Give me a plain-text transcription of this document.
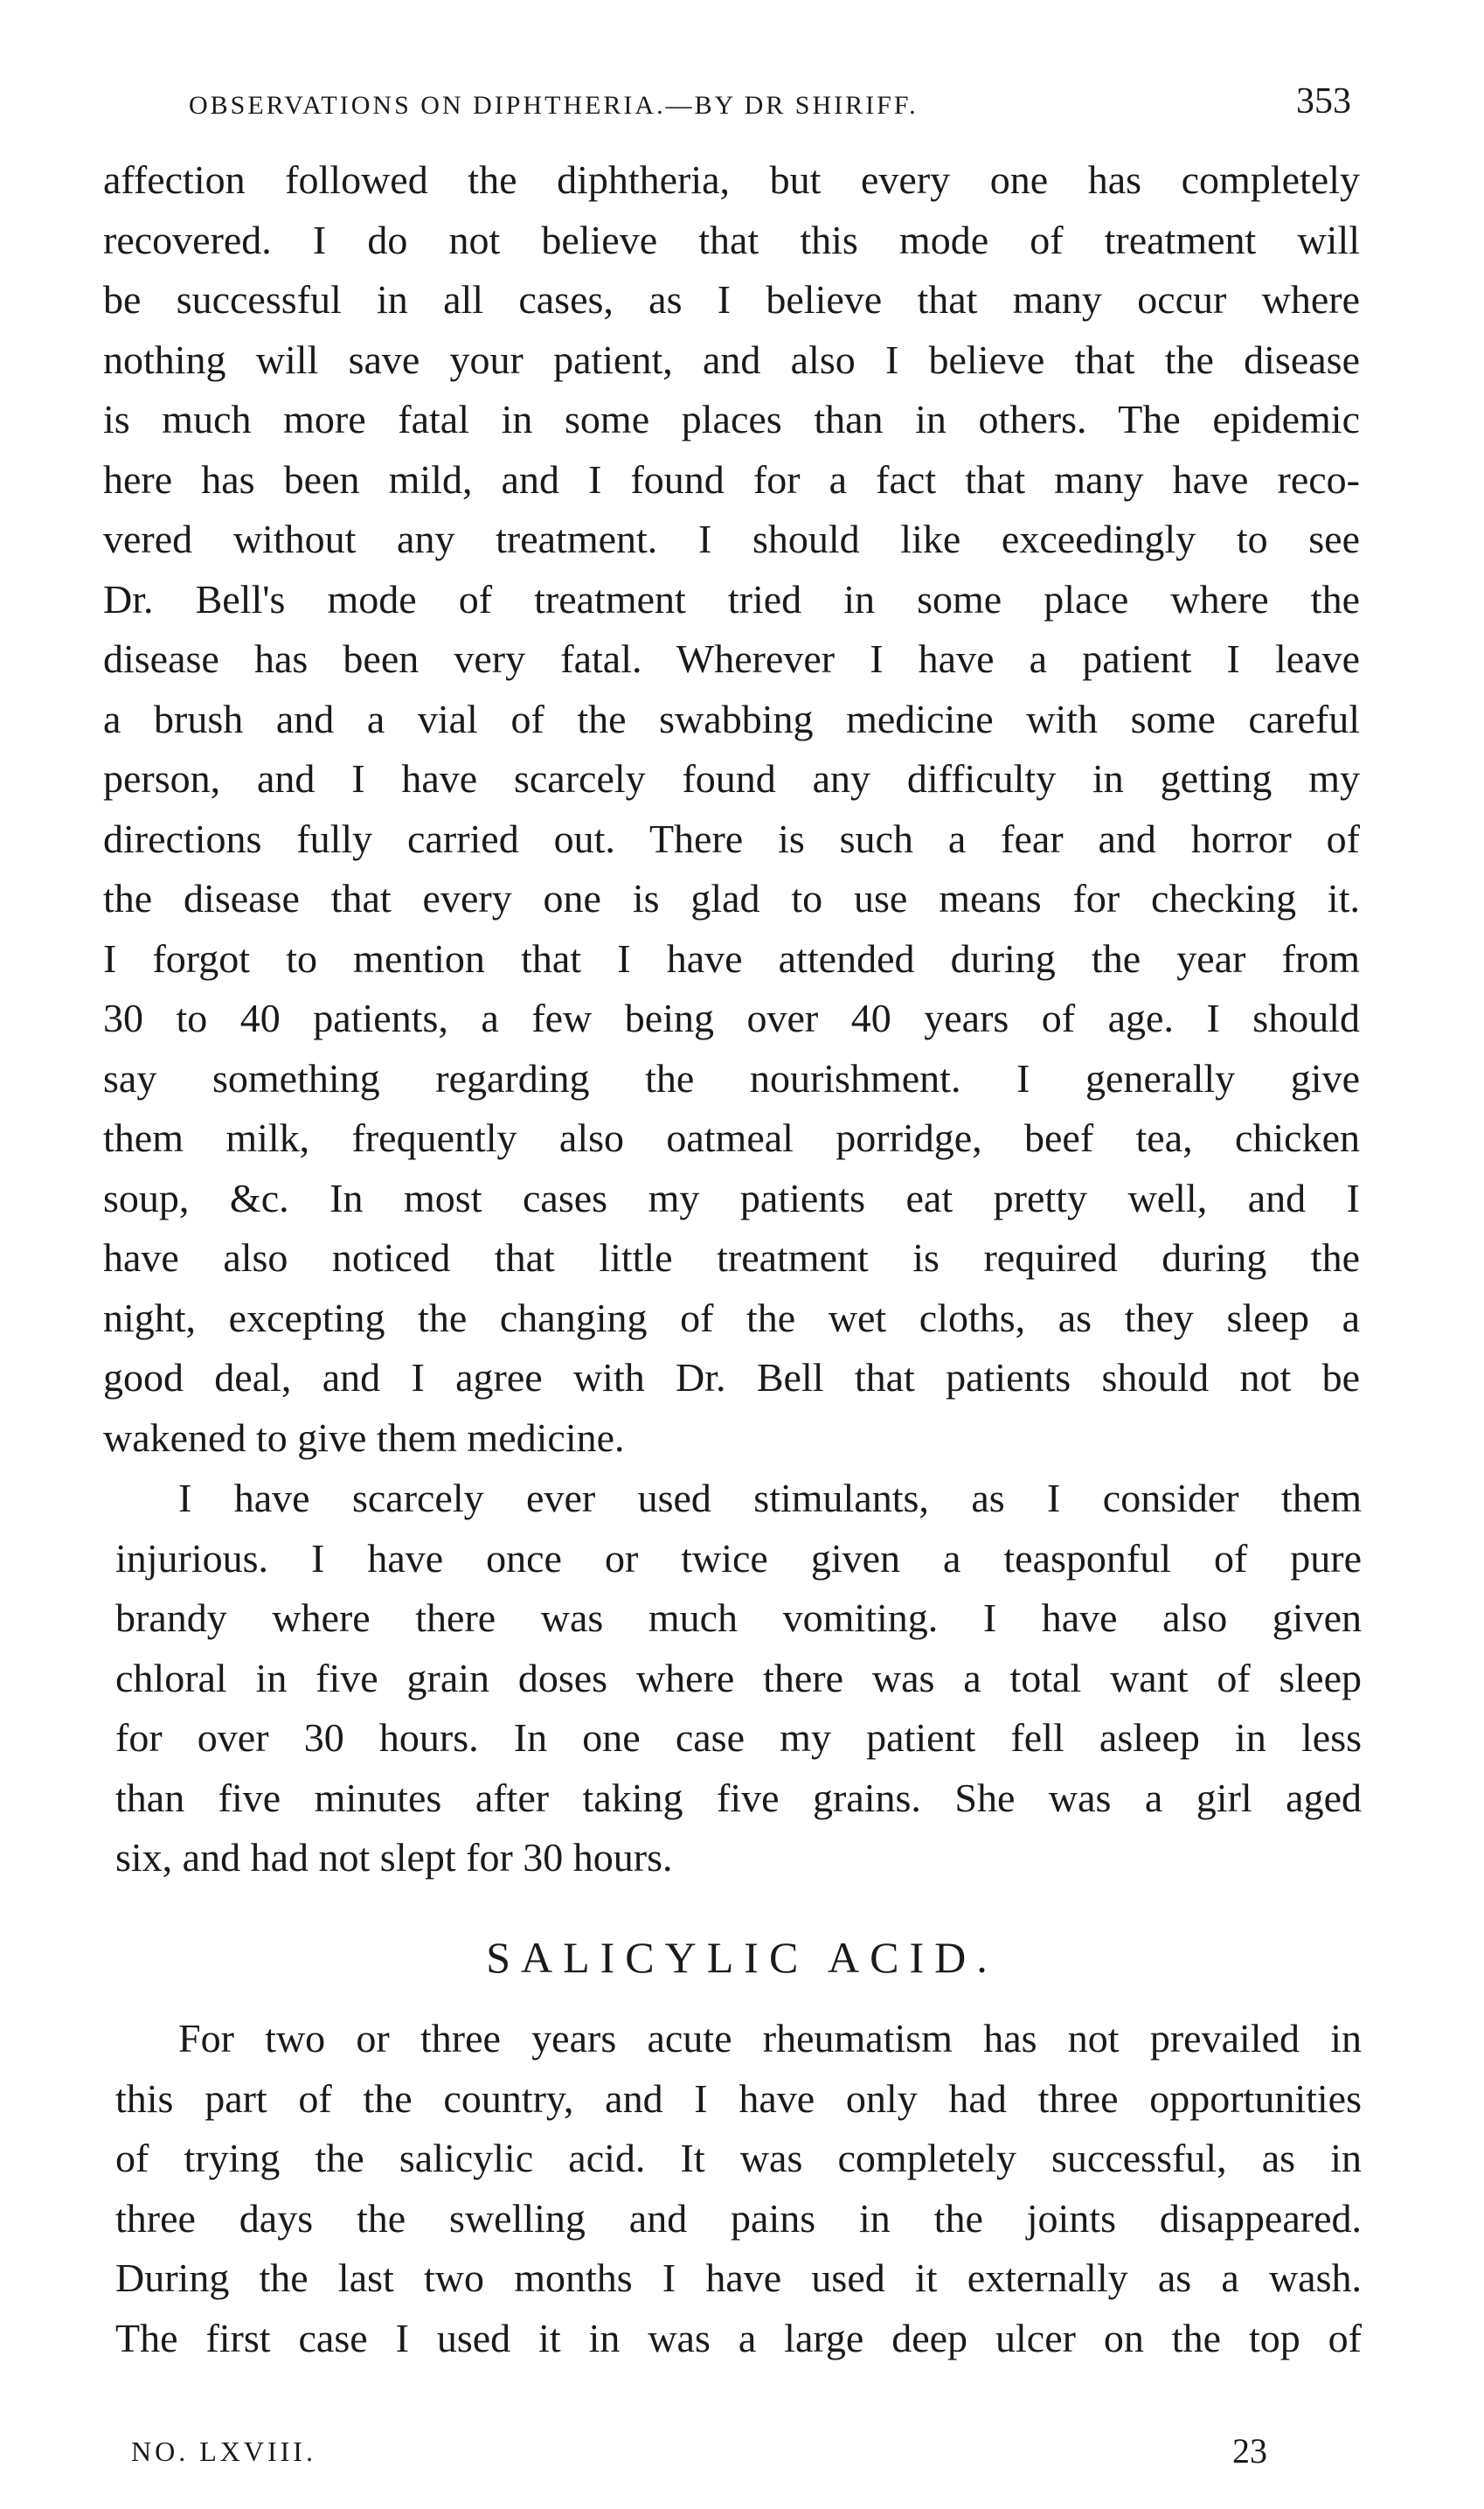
OBSERVATIONS ON DIPHTHERIA.—BY DR SHIRIFF.	353
affection followed the diphtheria, but every one has completely
recovered. I do not believe that this mode of treatment will
be successful in all cases, as I believe that many occur where
nothing will save your patient, and also I believe that the disease
is much more fatal in some places than in others. The epidemic
here has been mild, and I found for a fact that many have reco-
vered without any treatment. I should like exceedingly to see
Dr. Bell's mode of treatment tried in some place where the
disease has been very fatal. Wherever I have a patient I leave
a brush and a vial of the swabbing medicine with some careful
person, and I have scarcely found any difficulty in getting my
directions fully carried out. There is such a fear and horror of
the disease that every one is glad to use means for checking it.
I forgot to mention that I have attended during the year from
30 to 40 patients, a few being over 40 years of age. I should
say something regarding the nourishment. I generally give
them milk, frequently also oatmeal porridge, beef tea, chicken
soup, &c. In most cases my patients eat pretty well, and I
have also noticed that little treatment is required during the
night, excepting the changing of the wet cloths, as they sleep a
good deal, and I agree with Dr. Bell that patients should not be
wakened to give them medicine.
I have scarcely ever used stimulants, as I consider them
injurious. I have once or twice given a teasponful of pure
brandy where there was much vomiting. I have also given
chloral in five grain doses where there was a total want of sleep
for over 30 hours. In one case my patient fell asleep in less
than five minutes after taking five grains. She was a girl aged
six, and had not slept for 30 hours.
SALICYLIC ACID.
For two or three years acute rheumatism has not prevailed in
this part of the country, and I have only had three opportunities
of trying the salicylic acid. It was completely successful, as in
three days the swelling and pains in the joints disappeared.
During the last two months I have used it externally as a wash.
The first case I used it in was a large deep ulcer on the top of
NO. LXVIII.	23
